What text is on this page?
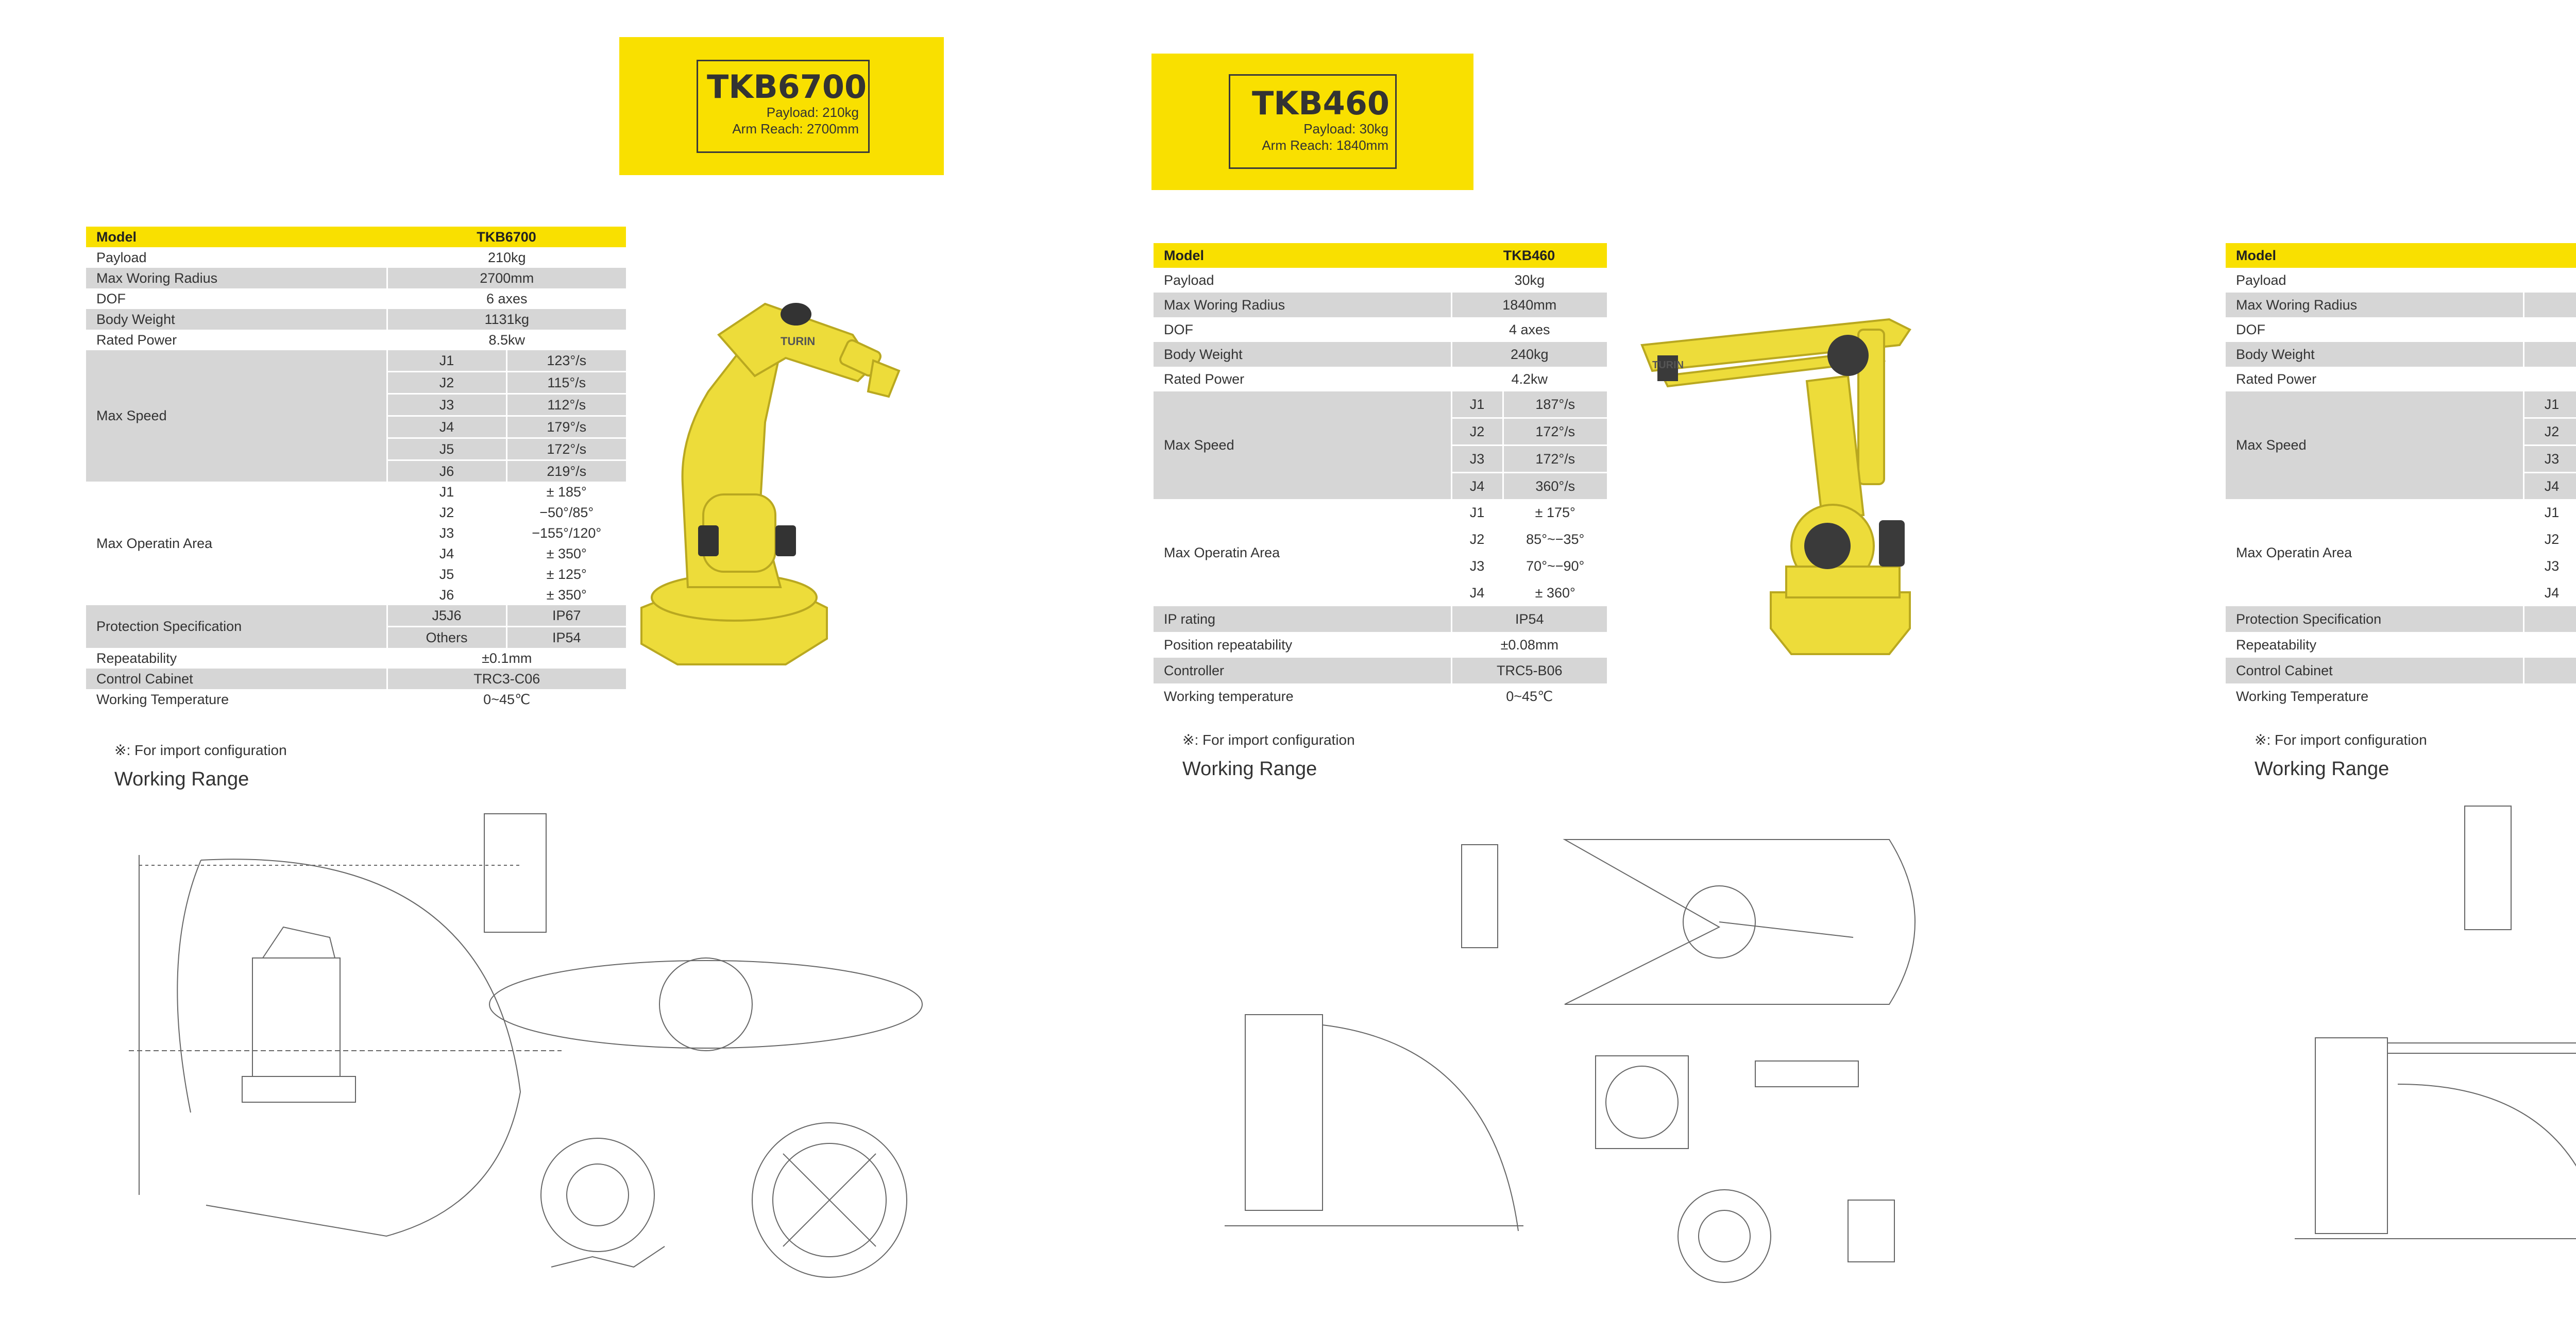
TKB6700
Payload: 210kg
Arm Reach: 2700mm
Model	TKB6700	
Payload	210kg	
Max Woring Radius	2700mm	
DOF	6 axes	
Body Weight	1131kg	
Rated Power	8.5kw	
Max Speed	J1	123°/s
	J2	115°/s
	J3	112°/s
	J4	179°/s
	J5	172°/s
	J6	219°/s
Max Operatin Area	J1	± 185°
	J2	−50°/85°
	J3	−155°/120°
	J4	± 350°
	J5	± 125°
	J6	± 350°
Protection Specification	J5J6	IP67
	Others	IP54
Repeatability	±0.1mm	
Control Cabinet	TRC3-C06	
Working Temperature	0~45℃	
※: For import configuration
Working Range
TURIN
TKB460
Payload: 30kg
Arm Reach: 1840mm
Model	TKB460	
Payload	30kg	
Max Woring Radius	1840mm	
DOF	4 axes	
Body Weight	240kg	
Rated Power	4.2kw	
Max Speed	J1	187°/s
	J2	172°/s
	J3	172°/s
	J4	360°/s
Max Operatin Area	J1	± 175°
	J2	85°~−35°
	J3	70°~−90°
	J4	± 360°
IP rating	IP54	
Position repeatability	±0.08mm	
Controller	TRC5-B06	
Working temperature	0~45℃	
※: For import configuration
Working Range
TURIN
Model	
Payload	
Max Woring Radius	
DOF	
Body Weight	
Rated Power	
Max Speed	J1	
	J2	
	J3	
	J4	
Max Operatin Area	J1	
	J2	
	J3	
	J4	
Protection Specification	
Repeatability	
Control Cabinet	
Working Temperature	
※: For import configuration
Working Range
